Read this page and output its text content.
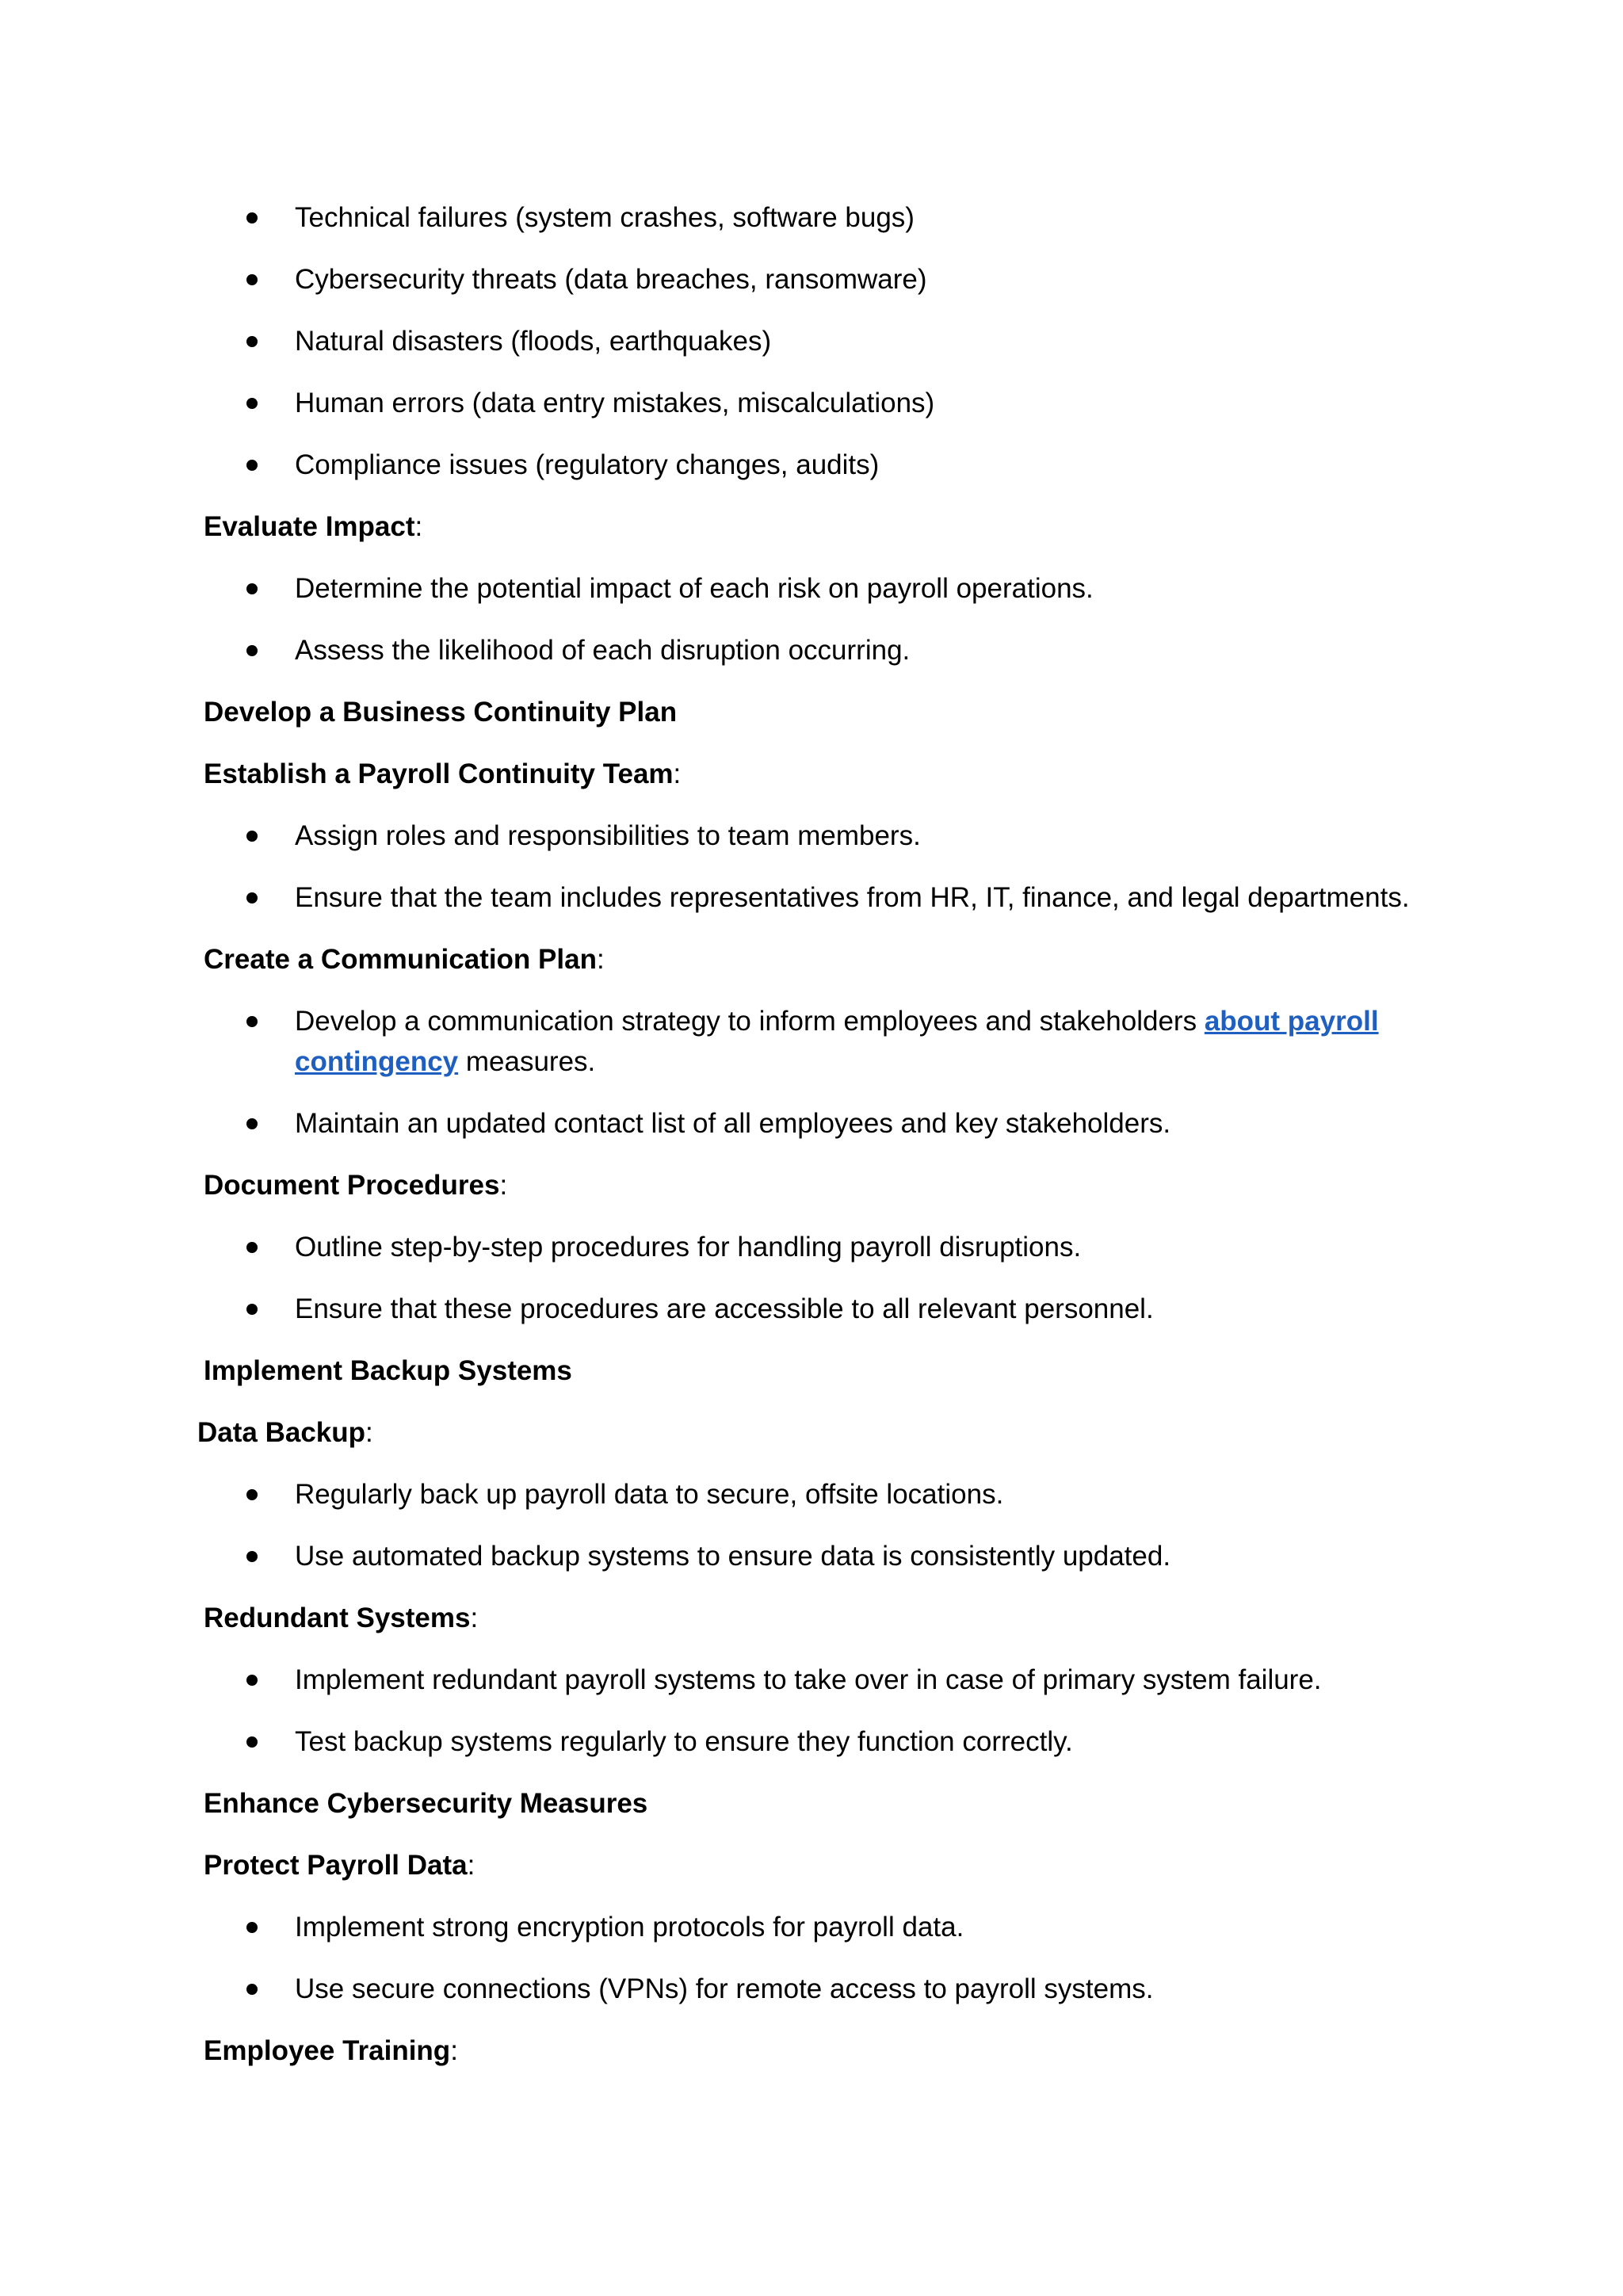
Technical failures (system crashes, software bugs)
Cybersecurity threats (data breaches, ransomware)
Natural disasters (floods, earthquakes)
Human errors (data entry mistakes, miscalculations)
Compliance issues (regulatory changes, audits)
Evaluate Impact:
Determine the potential impact of each risk on payroll operations.
Assess the likelihood of each disruption occurring.
Develop a Business Continuity Plan
Establish a Payroll Continuity Team:
Assign roles and responsibilities to team members.
Ensure that the team includes representatives from HR, IT, finance, and legal departments.
Create a Communication Plan:
Develop a communication strategy to inform employees and stakeholders about payroll
contingency measures.
Maintain an updated contact list of all employees and key stakeholders.
Document Procedures:
Outline step-by-step procedures for handling payroll disruptions.
Ensure that these procedures are accessible to all relevant personnel.
Implement Backup Systems
Data Backup:
Regularly back up payroll data to secure, offsite locations.
Use automated backup systems to ensure data is consistently updated.
Redundant Systems:
Implement redundant payroll systems to take over in case of primary system failure.
Test backup systems regularly to ensure they function correctly.
Enhance Cybersecurity Measures
Protect Payroll Data:
Implement strong encryption protocols for payroll data.
Use secure connections (VPNs) for remote access to payroll systems.
Employee Training:
